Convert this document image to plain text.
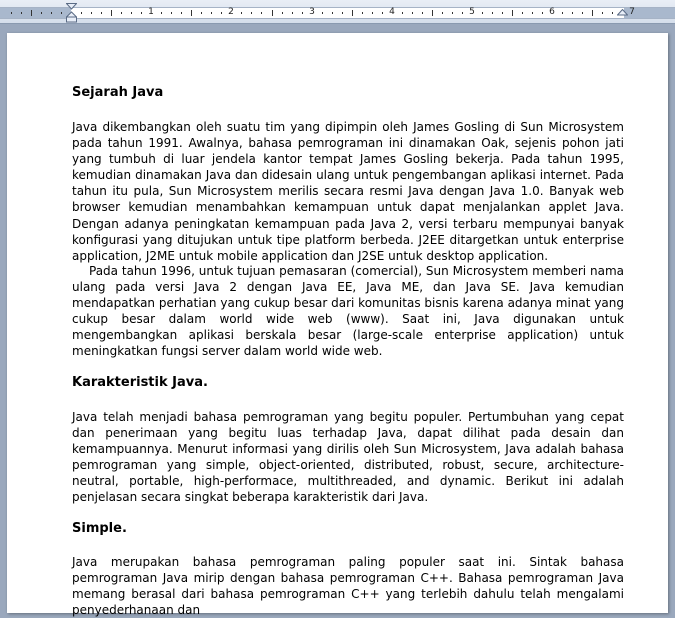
1	2	3	4	5	6	7
Sejarah Java

Java dikembangkan oleh suatu tim yang dipimpin oleh James Gosling di Sun Microsystem pada tahun 1991. Awalnya, bahasa pemrograman ini dinamakan Oak, sejenis pohon jati yang tumbuh di luar jendela kantor tempat James Gosling bekerja. Pada tahun 1995, kemudian dinamakan Java dan didesain ulang untuk pengembangan aplikasi internet. Pada tahun itu pula, Sun Microsystem merilis secara resmi Java dengan Java 1.0. Banyak web browser kemudian menambahkan kemampuan untuk dapat menjalankan applet Java. Dengan adanya peningkatan kemampuan pada Java 2, versi terbaru mempunyai banyak konfigurasi yang ditujukan untuk tipe platform berbeda. J2EE ditargetkan untuk enterprise application, J2ME untuk mobile application dan J2SE untuk desktop application.

Pada tahun 1996, untuk tujuan pemasaran (comercial), Sun Microsystem memberi nama ulang pada versi Java 2 dengan Java EE, Java ME, dan Java SE. Java kemudian mendapatkan perhatian yang cukup besar dari komunitas bisnis karena adanya minat yang cukup besar dalam world wide web (www). Saat ini, Java digunakan untuk mengembangkan aplikasi berskala besar (large-scale enterprise application) untuk meningkatkan fungsi server dalam world wide web.

Karakteristik Java.

Java telah menjadi bahasa pemrograman yang begitu populer. Pertumbuhan yang cepat dan penerimaan yang begitu luas terhadap Java, dapat dilihat pada desain dan kemampuannya. Menurut informasi yang dirilis oleh Sun Microsystem, Java adalah bahasa pemrograman yang simple, object-oriented, distributed, robust, secure, architecture-neutral, portable, high-performace, multithreaded, and dynamic. Berikut ini adalah penjelasan secara singkat beberapa karakteristik dari Java.

Simple.

Java merupakan bahasa pemrograman paling populer saat ini. Sintak bahasa pemrograman Java mirip dengan bahasa pemrograman C++. Bahasa pemrograman Java memang berasal dari bahasa pemrograman C++ yang terlebih dahulu telah mengalami penyederhanaan dan
